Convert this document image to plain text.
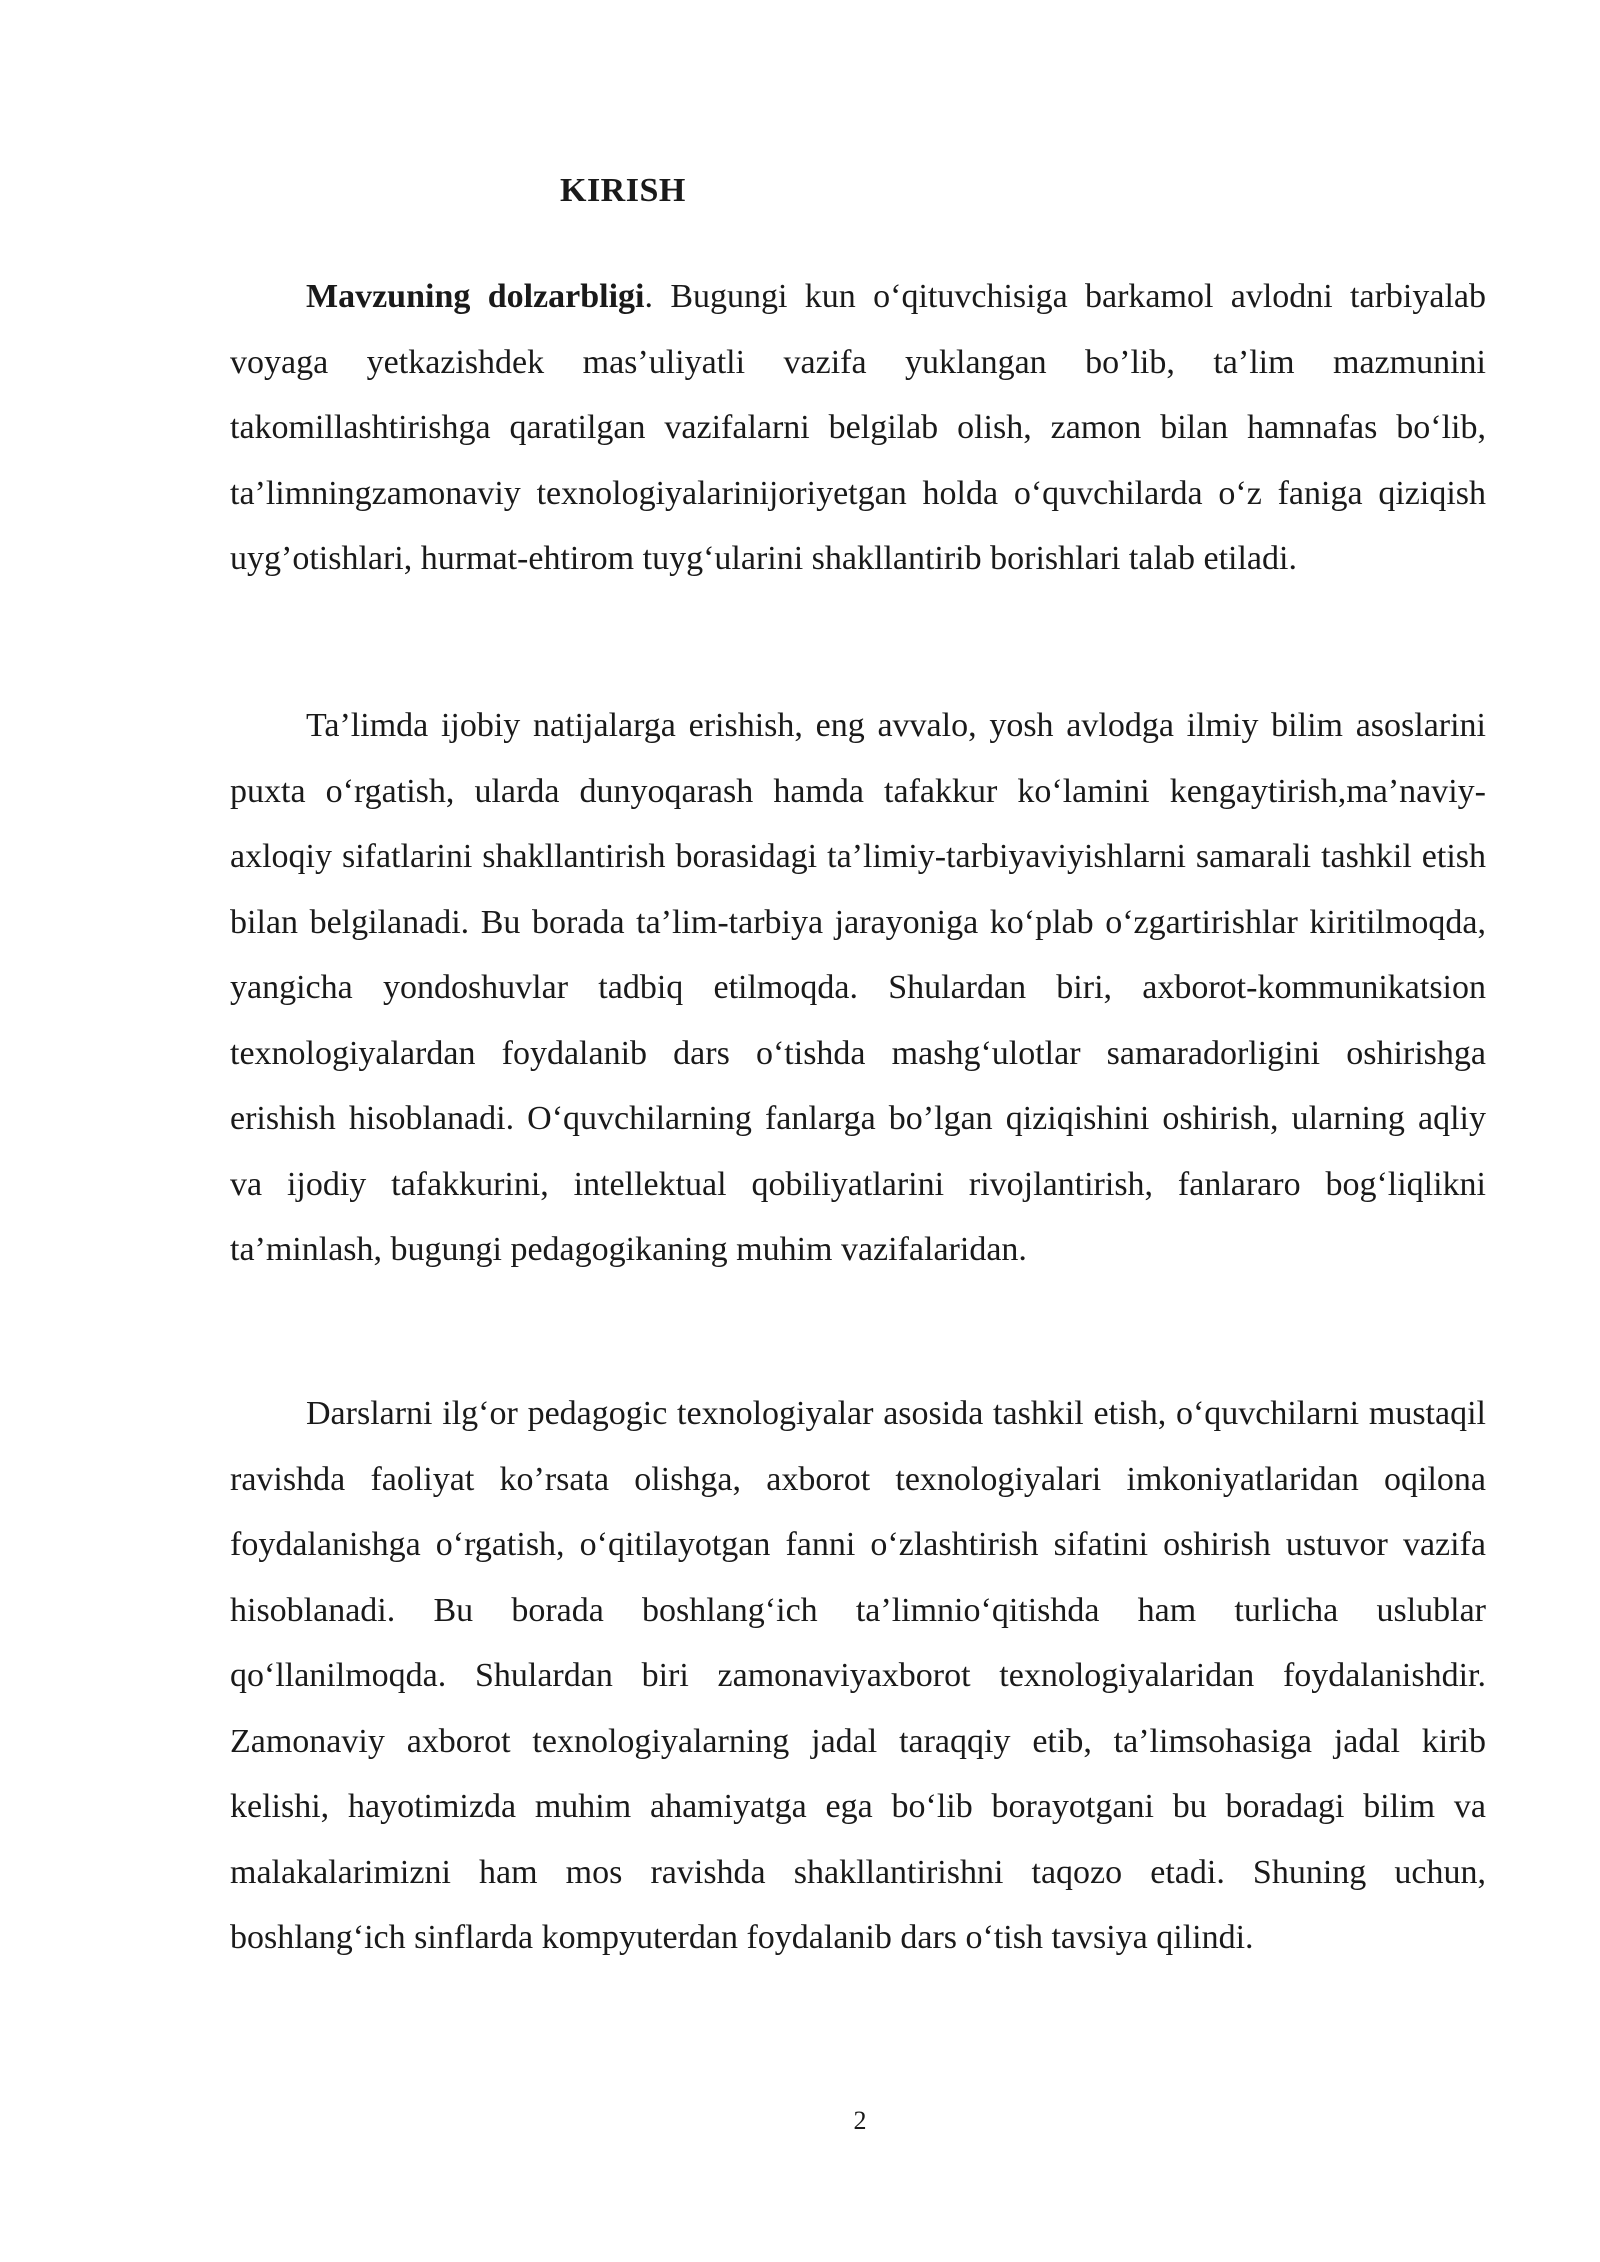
KIRISH

Mavzuning dolzarbligi. Bugungi kun o‘qituvchisiga barkamol avlodni tarbiyalab voyaga yetkazishdek mas’uliyatli vazifa yuklangan bo’lib, ta’lim mazmunini takomillashtirishga qaratilgan vazifalarni belgilab olish, zamon bilan hamnafas bo‘lib, ta’limningzamonaviy texnologiyalarinijoriyetgan holda o‘quvchilarda o‘z faniga qiziqish uyg’otishlari, hurmat-ehtirom tuyg‘ularini shakllantirib borishlari talab etiladi.

Ta’limda ijobiy natijalarga erishish, eng avvalo, yosh avlodga ilmiy bilim asoslarini puxta o‘rgatish, ularda dunyoqarash hamda tafakkur ko‘lamini kengaytirish,ma’naviy-axloqiy sifatlarini shakllantirish borasidagi ta’limiy-tarbiyaviyishlarni samarali tashkil etish bilan belgilanadi. Bu borada ta’lim-tarbiya jarayoniga ko‘plab o‘zgartirishlar kiritilmoqda, yangicha yondoshuvlar tadbiq etilmoqda. Shulardan biri, axborot-kommunikatsion texnologiyalardan foydalanib dars o‘tishda mashg‘ulotlar samaradorligini oshirishga erishish hisoblanadi. O‘quvchilarning fanlarga bo’lgan qiziqishini oshirish, ularning aqliy va ijodiy tafakkurini, intellektual qobiliyatlarini rivojlantirish, fanlararo bog‘liqlikni ta’minlash, bugungi pedagogikaning muhim vazifalaridan.

Darslarni ilg‘or pedagogic texnologiyalar asosida tashkil etish, o‘quvchilarni mustaqil ravishda faoliyat ko’rsata olishga, axborot texnologiyalari imkoniyatlaridan oqilona foydalanishga o‘rgatish, o‘qitilayotgan fanni o‘zlashtirish sifatini oshirish ustuvor vazifa hisoblanadi. Bu borada boshlang‘ich ta’limnio‘qitishda ham turlicha uslublar qo‘llanilmoqda. Shulardan biri zamonaviyaxborot texnologiyalaridan foydalanishdir. Zamonaviy axborot texnologiyalarning jadal taraqqiy etib, ta’limsohasiga jadal kirib kelishi, hayotimizda muhim ahamiyatga ega bo‘lib borayotgani bu boradagi bilim va malakalarimizni ham mos ravishda shakllantirishni taqozo etadi. Shuning uchun, boshlang‘ich sinflarda kompyuterdan foydalanib dars o‘tish tavsiya qilindi.

2
